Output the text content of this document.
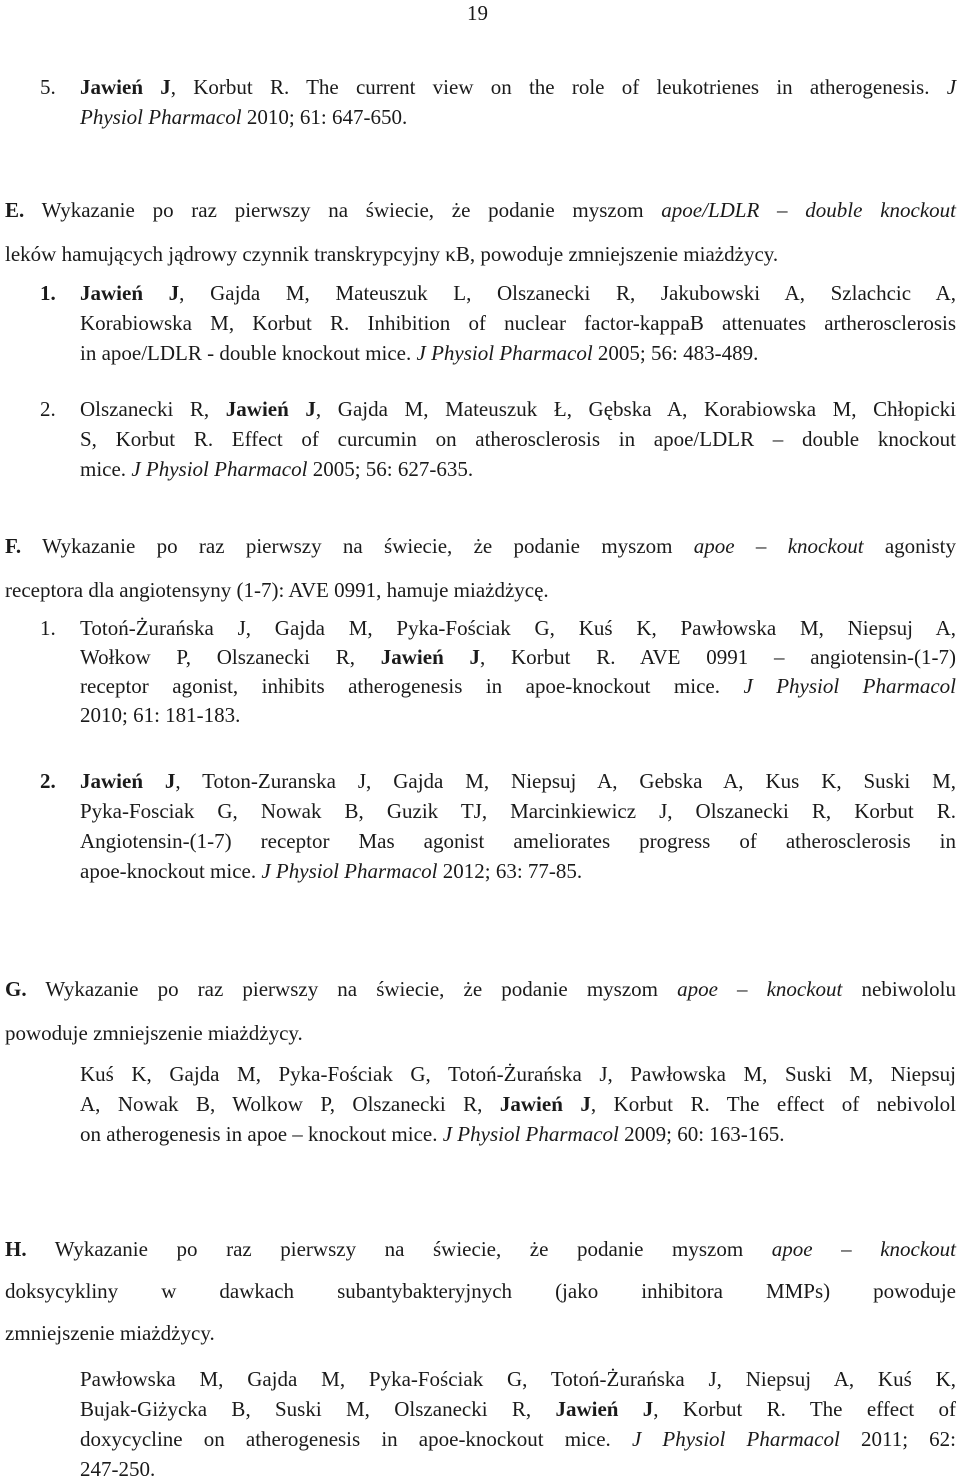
19
5. Jawień J, Korbut R. The current view on the role of leukotrienes in atherogenesis. J
Physiol Pharmacol 2010; 61: 647-650.
E. Wykazanie po raz pierwszy na świecie, że podanie myszom apoe/LDLR – double knockout
leków hamujących jądrowy czynnik transkrypcyjny κB, powoduje zmniejszenie miażdżycy.
1. Jawień J, Gajda M, Mateuszuk L, Olszanecki R, Jakubowski A, Szlachcic A,
Korabiowska M, Korbut R. Inhibition of nuclear factor-kappaB attenuates artherosclerosis
in apoe/LDLR - double knockout mice. J Physiol Pharmacol 2005; 56: 483-489.
2. Olszanecki R, Jawień J, Gajda M, Mateuszuk Ł, Gębska A, Korabiowska M, Chłopicki
S, Korbut R. Effect of curcumin on atherosclerosis in apoe/LDLR – double knockout
mice. J Physiol Pharmacol 2005; 56: 627-635.
F. Wykazanie po raz pierwszy na świecie, że podanie myszom apoe – knockout agonisty
receptora dla angiotensyny (1-7): AVE 0991, hamuje miażdżycę.
1. Totoń-Żurańska J, Gajda M, Pyka-Fościak G, Kuś K, Pawłowska M, Niepsuj A,
Wołkow P, Olszanecki R, Jawień J, Korbut R. AVE 0991 – angiotensin-(1-7)
receptor agonist, inhibits atherogenesis in apoe-knockout mice. J Physiol Pharmacol
2010; 61: 181-183.
2. Jawień J, Toton-Zuranska J, Gajda M, Niepsuj A, Gebska A, Kus K, Suski M,
Pyka-Fosciak G, Nowak B, Guzik TJ, Marcinkiewicz J, Olszanecki R, Korbut R.
Angiotensin-(1-7) receptor Mas agonist ameliorates progress of atherosclerosis in
apoe-knockout mice. J Physiol Pharmacol 2012; 63: 77-85.
G. Wykazanie po raz pierwszy na świecie, że podanie myszom apoe – knockout nebiwololu
powoduje zmniejszenie miażdżycy.
Kuś K, Gajda M, Pyka-Fościak G, Totoń-Żurańska J, Pawłowska M, Suski M, Niepsuj
A, Nowak B, Wolkow P, Olszanecki R, Jawień J, Korbut R. The effect of nebivolol
on atherogenesis in apoe – knockout mice. J Physiol Pharmacol 2009; 60: 163-165.
H. Wykazanie po raz pierwszy na świecie, że podanie myszom apoe – knockout
doksycykliny w dawkach subantybakteryjnych (jako inhibitora MMPs) powoduje
zmniejszenie miażdżycy.
Pawłowska M, Gajda M, Pyka-Fościak G, Totoń-Żurańska J, Niepsuj A, Kuś K,
Bujak-Giżycka B, Suski M, Olszanecki R, Jawień J, Korbut R. The effect of
doxycycline on atherogenesis in apoe-knockout mice. J Physiol Pharmacol 2011; 62:
247-250.
